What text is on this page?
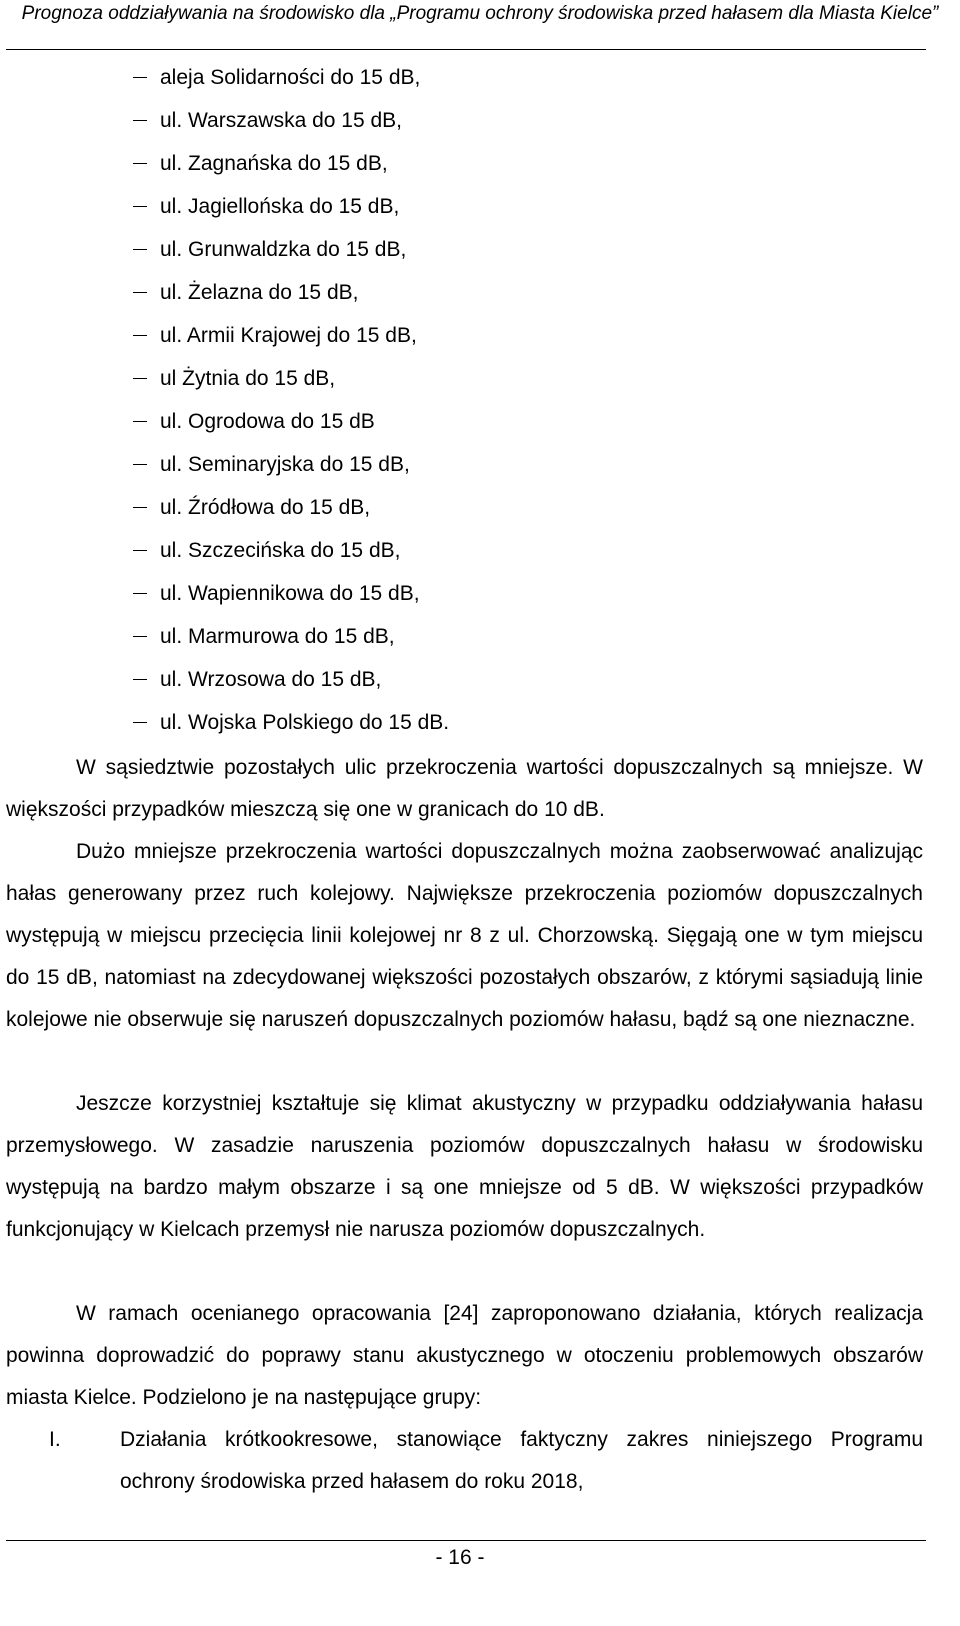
Prognoza oddziaływania na środowisko dla „Programu ochrony środowiska przed hałasem dla Miasta Kielce”
aleja Solidarności do 15 dB,
ul. Warszawska do 15 dB,
ul. Zagnańska do 15 dB,
ul. Jagiellońska do 15 dB,
ul. Grunwaldzka do 15 dB,
ul. Żelazna do 15 dB,
ul. Armii Krajowej do 15 dB,
ul Żytnia do 15 dB,
ul. Ogrodowa do 15 dB
ul. Seminaryjska do 15 dB,
ul. Źródłowa do 15 dB,
ul. Szczecińska do 15 dB,
ul. Wapiennikowa do 15 dB,
ul. Marmurowa do 15 dB,
ul. Wrzosowa do 15 dB,
ul. Wojska Polskiego do 15 dB.

W sąsiedztwie pozostałych ulic przekroczenia wartości dopuszczalnych są mniejsze. W większości przypadków mieszczą się one w granicach do 10 dB.

Dużo mniejsze przekroczenia wartości dopuszczalnych można zaobserwować analizując hałas generowany przez ruch kolejowy. Największe przekroczenia poziomów dopuszczalnych występują w miejscu przecięcia linii kolejowej nr 8 z ul. Chorzowską. Sięgają one w tym miejscu do 15 dB, natomiast na zdecydowanej większości pozostałych obszarów, z którymi sąsiadują linie kolejowe nie obserwuje się naruszeń dopuszczalnych poziomów hałasu, bądź są one nieznaczne.

Jeszcze korzystniej kształtuje się klimat akustyczny w przypadku oddziaływania hałasu przemysłowego. W zasadzie naruszenia poziomów dopuszczalnych hałasu w środowisku występują na bardzo małym obszarze i są one mniejsze od 5 dB. W większości przypadków funkcjonujący w Kielcach przemysł nie narusza poziomów dopuszczalnych.

W ramach ocenianego opracowania [24] zaproponowano działania, których realizacja powinna doprowadzić do poprawy stanu akustycznego w otoczeniu problemowych obszarów miasta Kielce. Podzielono je na następujące grupy:

I.	Działania krótkookresowe, stanowiące faktyczny zakres niniejszego Programu ochrony środowiska przed hałasem do roku 2018,

- 16 -
